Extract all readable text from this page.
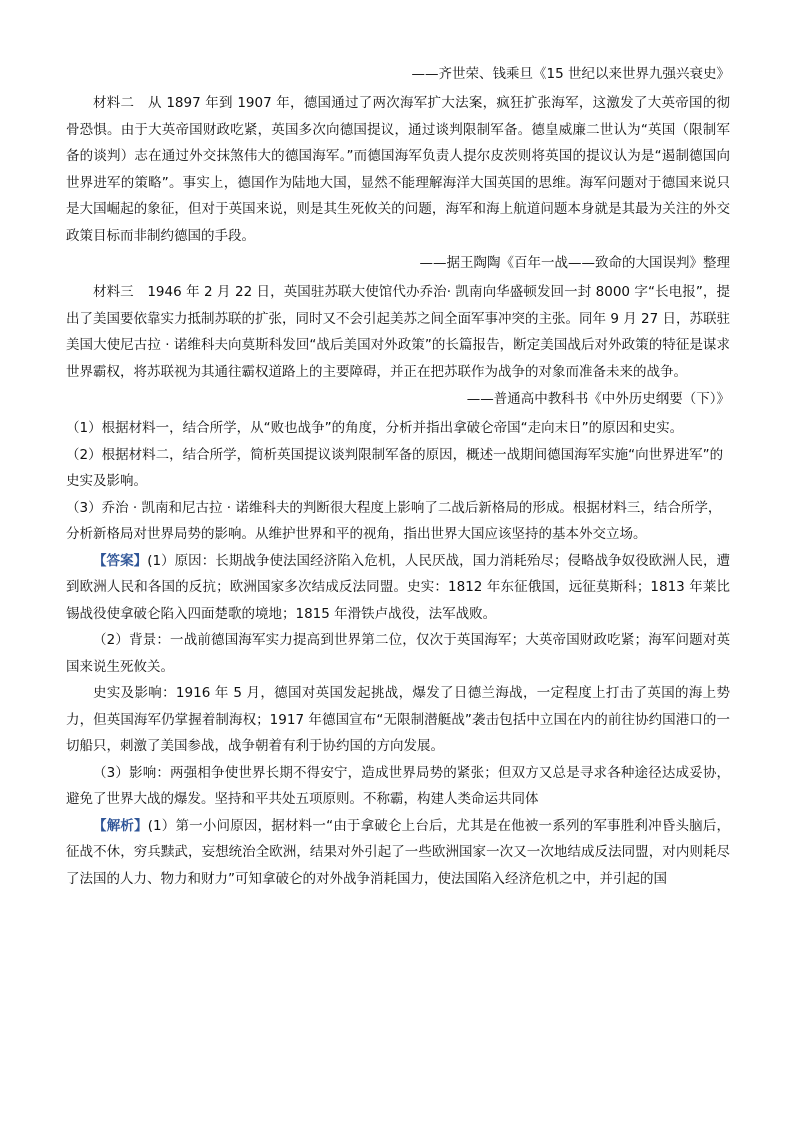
——齐世荣、钱乘旦《15 世纪以来世界九强兴衰史》

材料二　从 1897 年到 1907 年，德国通过了两次海军扩大法案，疯狂扩张海军，这激发了大英帝国的彻骨恐惧。由于大英帝国财政吃紧，英国多次向德国提议，通过谈判限制军备。德皇威廉二世认为“英国（限制军备的谈判）志在通过外交抹煞伟大的德国海军。”而德国海军负责人提尔皮茨则将英国的提议认为是“遏制德国向世界进军的策略”。事实上，德国作为陆地大国，显然不能理解海洋大国英国的思维。海军问题对于德国来说只是大国崛起的象征，但对于英国来说，则是其生死攸关的问题，海军和海上航道问题本身就是其最为关注的外交政策目标而非制约德国的手段。

——据王陶陶《百年一战——致命的大国误判》整理

材料三　1946 年 2 月 22 日，英国驻苏联大使馆代办乔治· 凯南向华盛顿发回一封 8000 字“长电报”，提出了美国要依靠实力抵制苏联的扩张，同时又不会引起美苏之间全面军事冲突的主张。同年 9 月 27 日，苏联驻美国大使尼古拉 · 诺维科夫向莫斯科发回“战后美国对外政策”的长篇报告，断定美国战后对外政策的特征是谋求世界霸权，将苏联视为其通往霸权道路上的主要障碍，并正在把苏联作为战争的对象而准备未来的战争。

——普通高中教科书《中外历史纲要（下）》

（1）根据材料一，结合所学，从“败也战争”的角度，分析并指出拿破仑帝国“走向末日”的原因和史实。

（2）根据材料二，结合所学，简析英国提议谈判限制军备的原因，概述一战期间德国海军实施“向世界进军”的史实及影响。

（3）乔治 · 凯南和尼古拉 · 诺维科夫的判断很大程度上影响了二战后新格局的形成。根据材料三，结合所学，分析新格局对世界局势的影响。从维护世界和平的视角，指出世界大国应该坚持的基本外交立场。

【答案】(1）原因：长期战争使法国经济陷入危机，人民厌战，国力消耗殆尽；侵略战争奴役欧洲人民，遭到欧洲人民和各国的反抗；欧洲国家多次结成反法同盟。史实：1812 年东征俄国，远征莫斯科；1813 年莱比锡战役使拿破仑陷入四面楚歌的境地；1815 年滑铁卢战役，法军战败。

（2）背景：一战前德国海军实力提高到世界第二位，仅次于英国海军；大英帝国财政吃紧；海军问题对英国来说生死攸关。

史实及影响：1916 年 5 月，德国对英国发起挑战，爆发了日德兰海战，一定程度上打击了英国的海上势力，但英国海军仍掌握着制海权；1917 年德国宣布“无限制潜艇战”袭击包括中立国在内的前往协约国港口的一切船只，刺激了美国参战，战争朝着有利于协约国的方向发展。

（3）影响：两强相争使世界长期不得安宁，造成世界局势的紧张；但双方又总是寻求各种途径达成妥协，避免了世界大战的爆发。坚持和平共处五项原则。不称霸，构建人类命运共同体

【解析】(1）第一小问原因，据材料一“由于拿破仑上台后，尤其是在他被一系列的军事胜利冲昏头脑后，征战不休，穷兵黩武，妄想统治全欧洲，结果对外引起了一些欧洲国家一次又一次地结成反法同盟，对内则耗尽了法国的人力、物力和财力”可知拿破仑的对外战争消耗国力，使法国陷入经济危机之中，并引起的国
